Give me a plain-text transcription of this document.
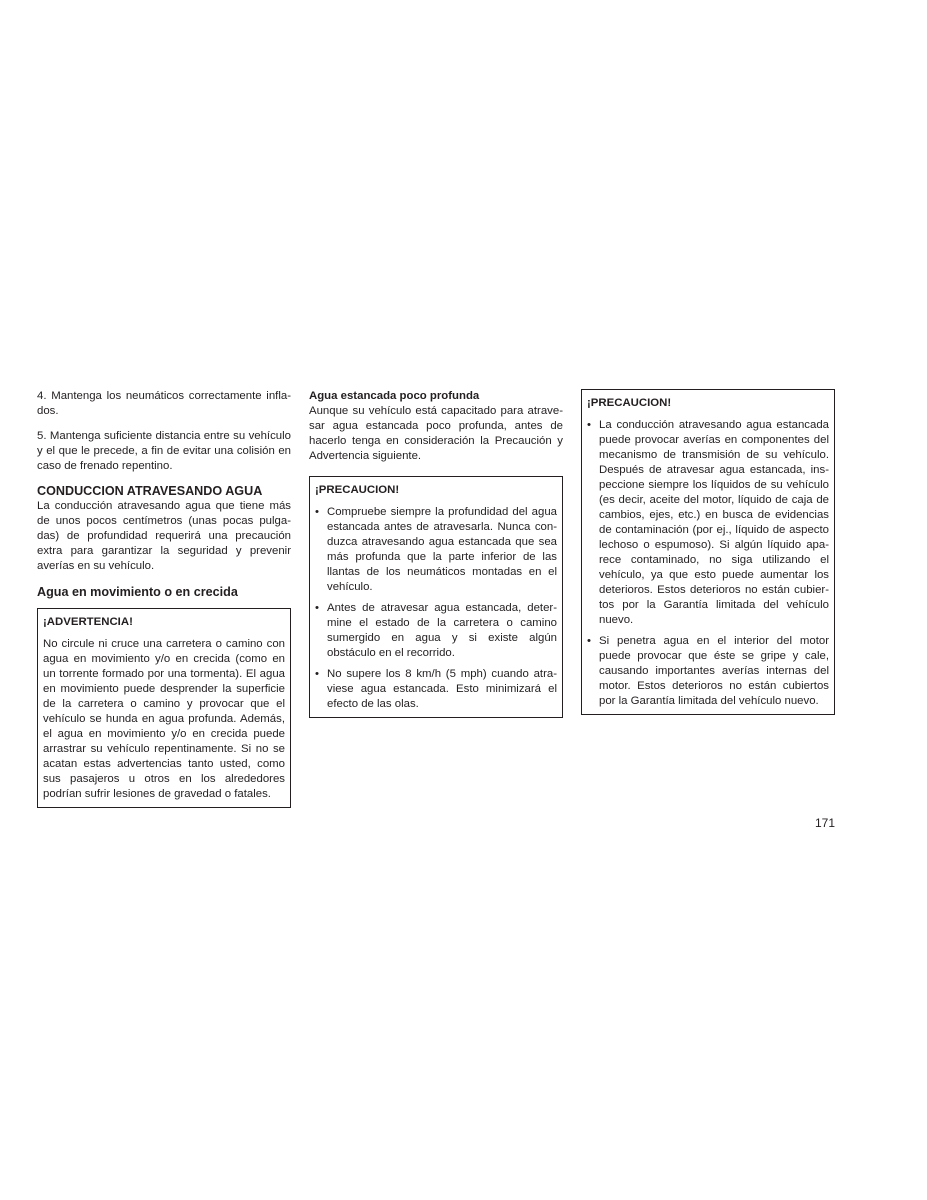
4. Mantenga los neumáticos correctamente infla-dos.

5. Mantenga suficiente distancia entre su vehículo y el que le precede, a fin de evitar una colisión en caso de frenado repentino.

CONDUCCION ATRAVESANDO AGUA

La conducción atravesando agua que tiene más de unos pocos centímetros (unas pocas pulga-das) de profundidad requerirá una precaución extra para garantizar la seguridad y prevenir averías en su vehículo.

Agua en movimiento o en crecida
¡ADVERTENCIA!

No circule ni cruce una carretera o camino con agua en movimiento y/o en crecida (como en un torrente formado por una tormenta). El agua en movimiento puede desprender la superficie de la carretera o camino y provocar que el vehículo se hunda en agua profunda. Además, el agua en movimiento y/o en crecida puede arrastrar su vehículo repentinamente. Si no se acatan estas advertencias tanto usted, como sus pasajeros u otros en los alrededores podrían sufrir lesiones de gravedad o fatales.

Agua estancada poco profunda

Aunque su vehículo está capacitado para atrave-sar agua estancada poco profunda, antes de hacerlo tenga en consideración la Precaución y Advertencia siguiente.

¡PRECAUCION!
• Compruebe siempre la profundidad del agua estancada antes de atravesarla. Nunca con-duzca atravesando agua estancada que sea más profunda que la parte inferior de las llantas de los neumáticos montadas en el vehículo.
• Antes de atravesar agua estancada, deter-mine el estado de la carretera o camino sumergido en agua y si existe algún obstáculo en el recorrido.
• No supere los 8 km/h (5 mph) cuando atra-viese agua estancada. Esto minimizará el efecto de las olas.
¡PRECAUCION!
• La conducción atravesando agua estancada puede provocar averías en componentes del mecanismo de transmisión de su vehículo. Después de atravesar agua estancada, ins-peccione siempre los líquidos de su vehículo (es decir, aceite del motor, líquido de caja de cambios, ejes, etc.) en busca de evidencias de contaminación (por ej., líquido de aspecto lechoso o espumoso). Si algún líquido apa-rece contaminado, no siga utilizando el vehículo, ya que esto puede aumentar los deterioros. Estos deterioros no están cubier-tos por la Garantía limitada del vehículo nuevo.
• Si penetra agua en el interior del motor puede provocar que éste se gripe y cale, causando importantes averías internas del motor. Estos deterioros no están cubiertos por la Garantía limitada del vehículo nuevo.
171
